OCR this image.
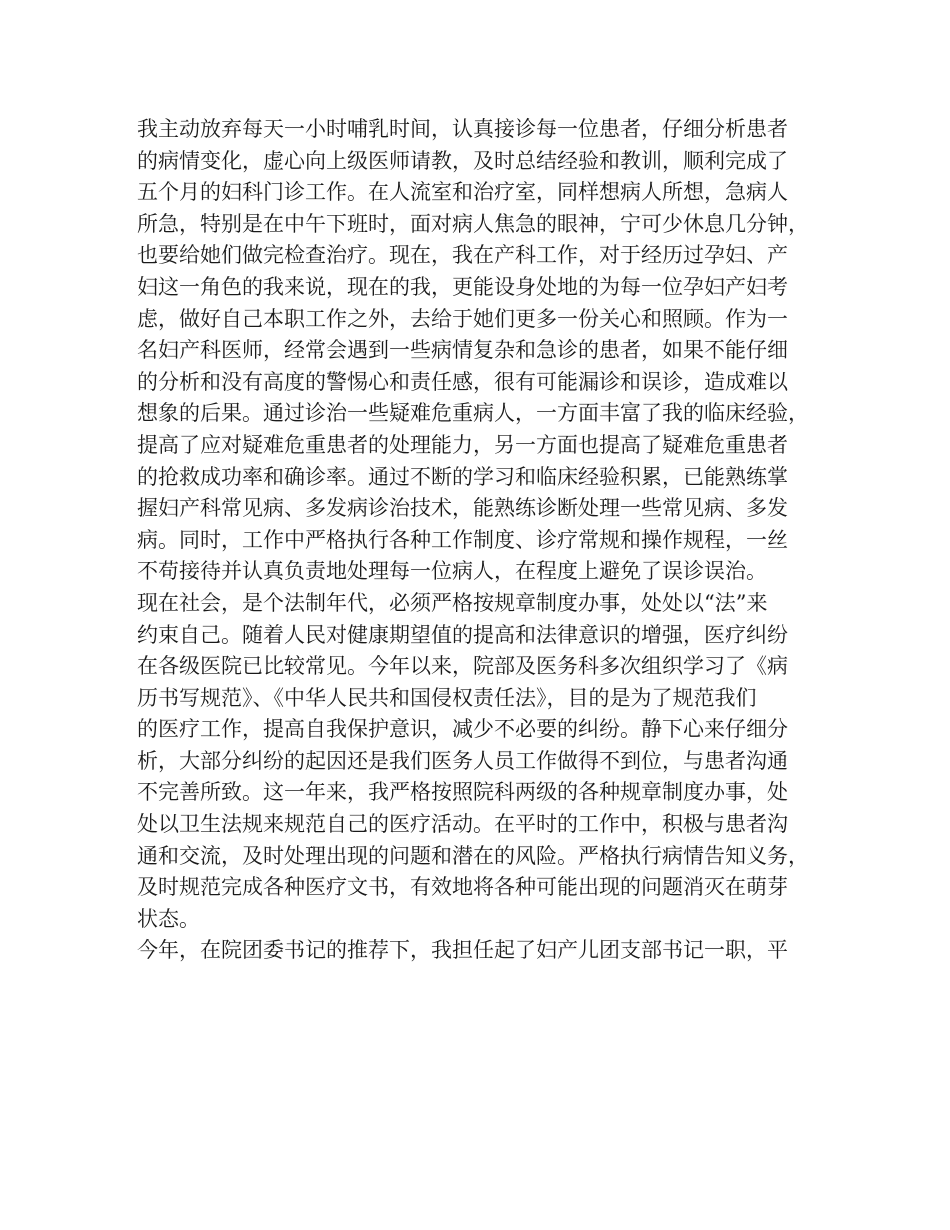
我主动放弃每天一小时哺乳时间，认真接诊每一位患者，仔细分析患者
的病情变化，虚心向上级医师请教，及时总结经验和教训，顺利完成了
五个月的妇科门诊工作。在人流室和治疗室，同样想病人所想，急病人
所急，特别是在中午下班时，面对病人焦急的眼神，宁可少休息几分钟，
也要给她们做完检查治疗。现在，我在产科工作，对于经历过孕妇、产
妇这一角色的我来说，现在的我，更能设身处地的为每一位孕妇产妇考
虑，做好自己本职工作之外，去给于她们更多一份关心和照顾。作为一
名妇产科医师，经常会遇到一些病情复杂和急诊的患者，如果不能仔细
的分析和没有高度的警惕心和责任感，很有可能漏诊和误诊，造成难以
想象的后果。通过诊治一些疑难危重病人，一方面丰富了我的临床经验，
提高了应对疑难危重患者的处理能力，另一方面也提高了疑难危重患者
的抢救成功率和确诊率。通过不断的学习和临床经验积累，已能熟练掌
握妇产科常见病、多发病诊治技术，能熟练诊断处理一些常见病、多发
病。同时，工作中严格执行各种工作制度、诊疗常规和操作规程，一丝
不苟接待并认真负责地处理每一位病人，在程度上避免了误诊误治。
现在社会，是个法制年代，必须严格按规章制度办事，处处以“法”来
约束自己。随着人民对健康期望值的提高和法律意识的增强，医疗纠纷
在各级医院已比较常见。今年以来，院部及医务科多次组织学习了《病
历书写规范》、《中华人民共和国侵权责任法》，目的是为了规范我们
的医疗工作，提高自我保护意识，减少不必要的纠纷。静下心来仔细分
析，大部分纠纷的起因还是我们医务人员工作做得不到位，与患者沟通
不完善所致。这一年来，我严格按照院科两级的各种规章制度办事，处
处以卫生法规来规范自己的医疗活动。在平时的工作中，积极与患者沟
通和交流，及时处理出现的问题和潜在的风险。严格执行病情告知义务，
及时规范完成各种医疗文书，有效地将各种可能出现的问题消灭在萌芽
状态。
今年，在院团委书记的推荐下，我担任起了妇产儿团支部书记一职，平
